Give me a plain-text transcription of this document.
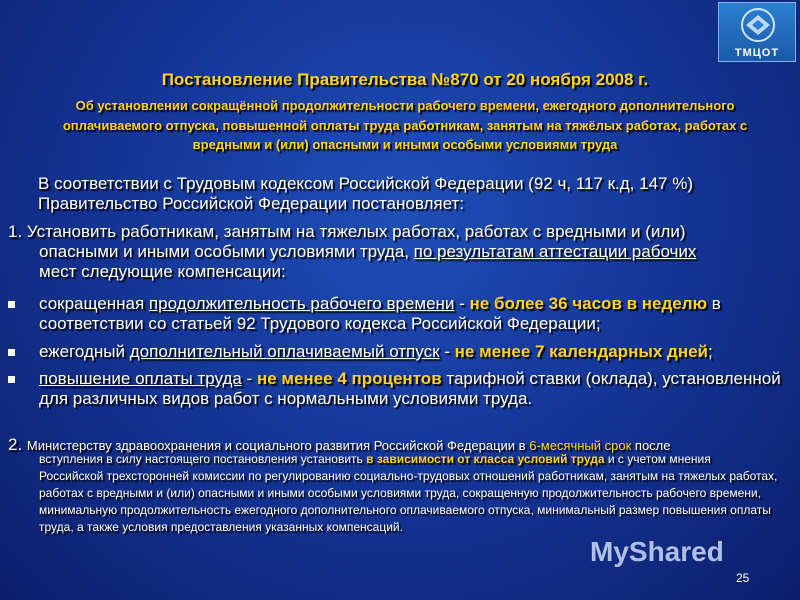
ТМЦОТ
Постановление Правительства №870 от 20 ноября 2008 г.
Об установлении сокращённой продолжительности рабочего времени, ежегодного дополнительного оплачиваемого отпуска, повышенной оплаты труда работникам, занятым на тяжёлых работах, работах с вредными и (или) опасными и иными особыми условиями труда
В соответствии с Трудовым кодексом Российской Федерации (92 ч, 117 к.д, 147 %) Правительство Российской Федерации постановляет:
1. Установить работникам, занятым на тяжелых работах, работах с вредными и (или)
опасными и иными особыми условиями труда, по результатам аттестации рабочих
мест следующие компенсации:
сокращенная продолжительность рабочего времени - не более 36 часов в неделю в соответствии со статьей 92 Трудового кодекса Российской Федерации;
ежегодный дополнительный оплачиваемый отпуск - не менее 7 календарных дней;
повышение оплаты труда - не менее 4 процентов тарифной ставки (оклада), установленной для различных видов работ с нормальными условиями труда.
2. Министерству здравоохранения и социального развития Российской Федерации в 6-месячный срок после
вступления в силу настоящего постановления установить в зависимости от класса условий труда и с учетом мнения Российской трехсторонней комиссии по регулированию социально-трудовых отношений работникам, занятым на тяжелых работах, работах с вредными и (или) опасными и иными особыми условиями труда, сокращенную продолжительность рабочего времени, минимальную продолжительность ежегодного дополнительного оплачиваемого отпуска, минимальный размер повышения оплаты труда, а также условия предоставления указанных компенсаций.
MyShared
25
